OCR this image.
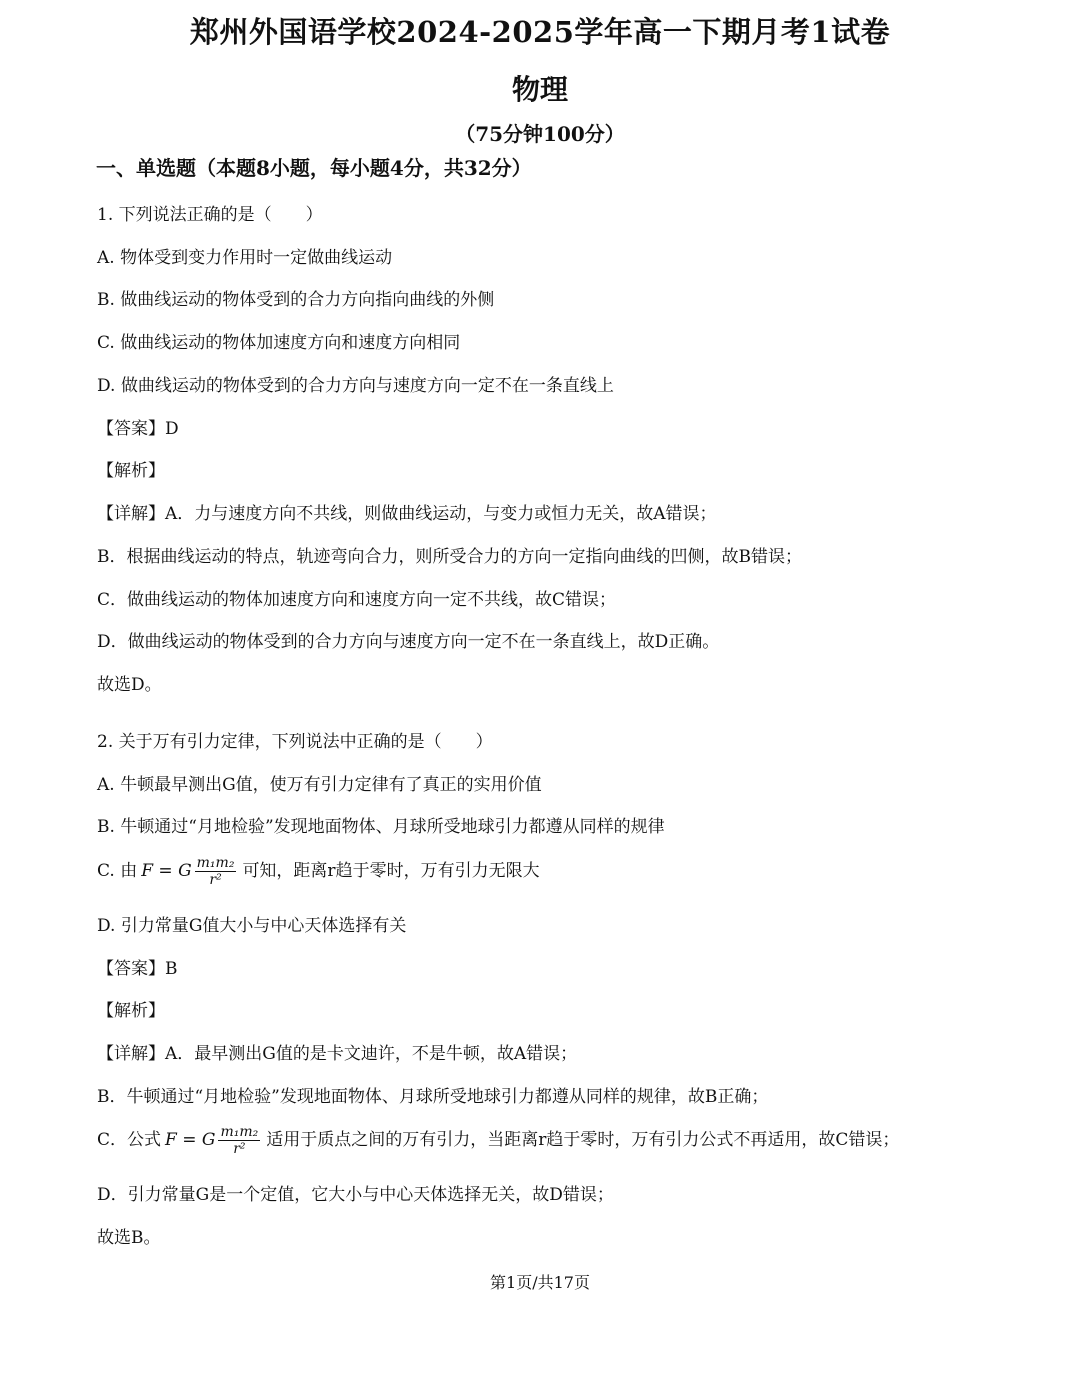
郑州外国语学校2024-2025学年高一下期月考1试卷
物理
（75分钟100分）
一、单选题（本题8小题，每小题4分，共32分）
1. 下列说法正确的是（　　）
A. 物体受到变力作用时一定做曲线运动
B. 做曲线运动的物体受到的合力方向指向曲线的外侧
C. 做曲线运动的物体加速度方向和速度方向相同
D. 做曲线运动的物体受到的合力方向与速度方向一定不在一条直线上
【答案】D
【解析】
【详解】A．力与速度方向不共线，则做曲线运动，与变力或恒力无关，故A错误；
B．根据曲线运动的特点，轨迹弯向合力，则所受合力的方向一定指向曲线的凹侧，故B错误；
C．做曲线运动的物体加速度方向和速度方向一定不共线，故C错误；
D．做曲线运动的物体受到的合力方向与速度方向一定不在一条直线上，故D正确。
故选D。
2. 关于万有引力定律，下列说法中正确的是（　　）
A. 牛顿最早测出G值，使万有引力定律有了真正的实用价值
B. 牛顿通过“月地检验”发现地面物体、月球所受地球引力都遵从同样的规律
C. 由 F = G $\frac{\text{m₁m₂}}{\text{r²}}$ 可知，距离r趋于零时，万有引力无限大
D. 引力常量G值大小与中心天体选择有关
【答案】B
【解析】
【详解】A．最早测出G值的是卡文迪许，不是牛顿，故A错误；
B．牛顿通过“月地检验”发现地面物体、月球所受地球引力都遵从同样的规律，故B正确；
C．公式 F = G $\frac{\text{m₁m₂}}{\text{r²}}$ 适用于质点之间的万有引力，当距离r趋于零时，万有引力公式不再适用，故C错误；
D．引力常量G是一个定值，它大小与中心天体选择无关，故D错误；
故选B。
第1页/共17页
